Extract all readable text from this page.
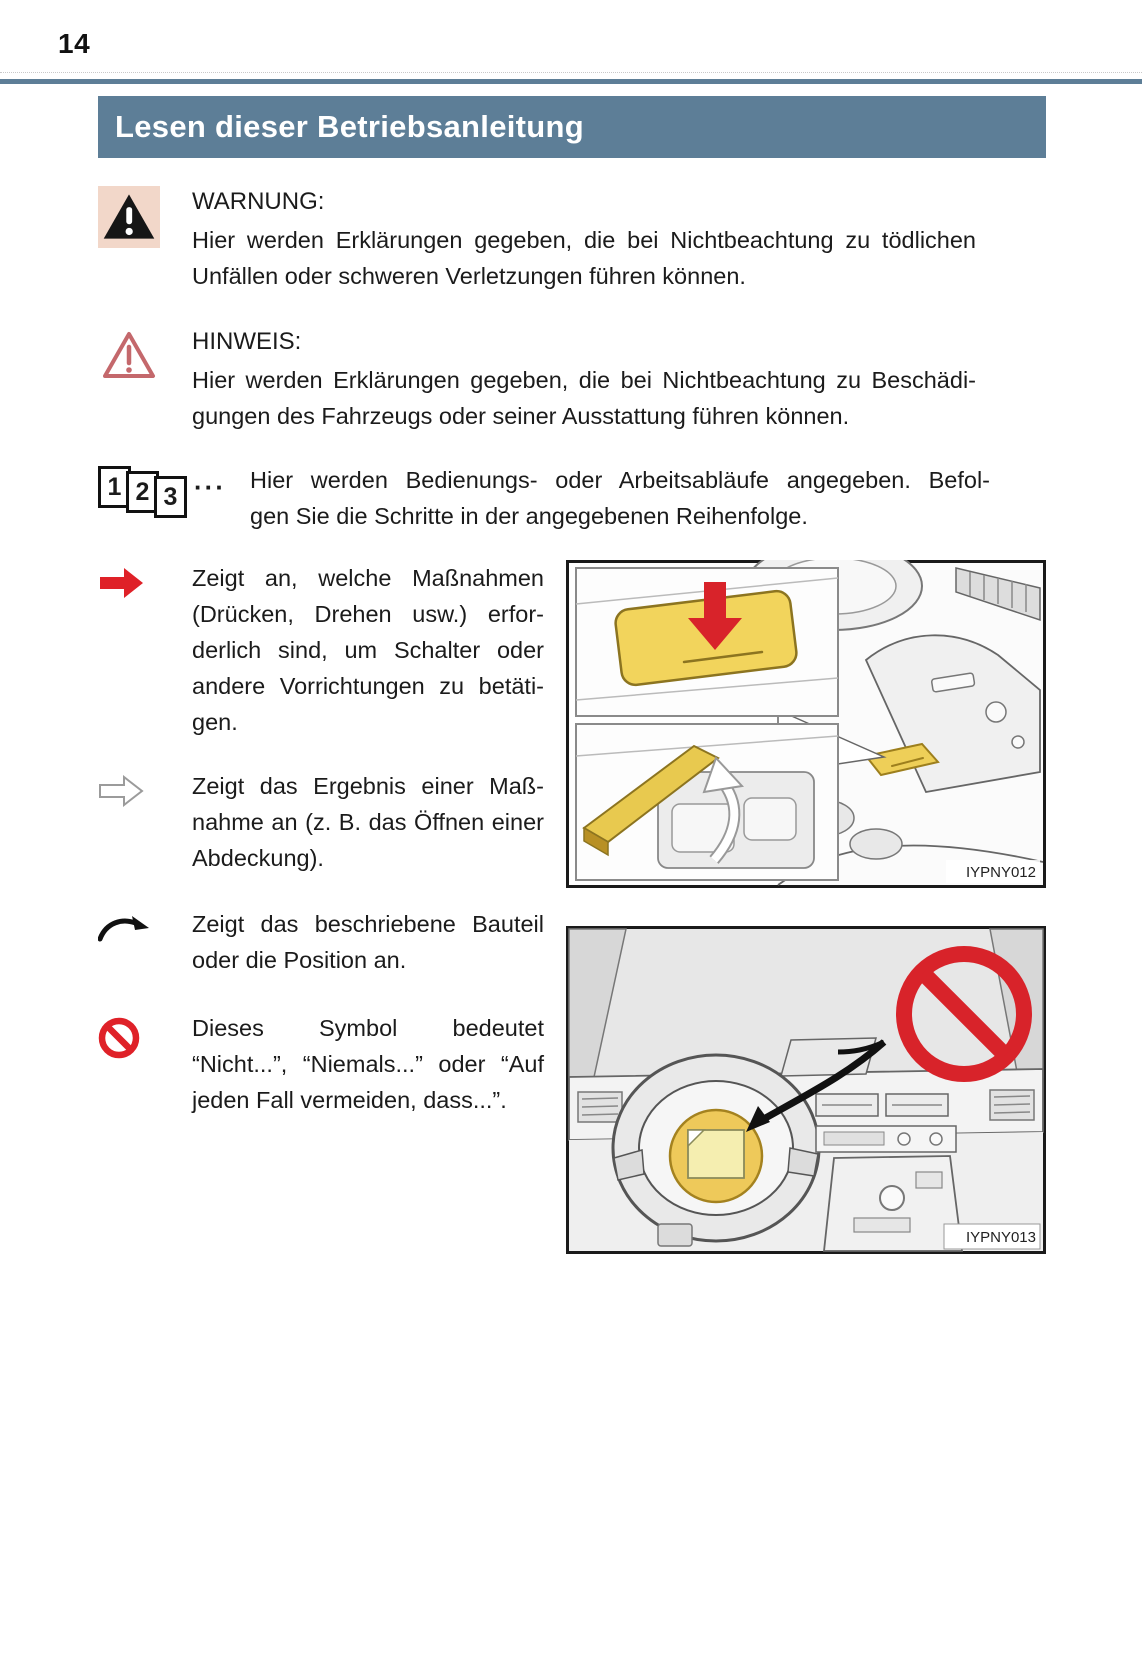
14
Lesen dieser Betriebsanleitung
WARNUNG:
Hier werden Erklärungen gegeben, die bei Nichtbeachtung zu tödlichen
Unfällen oder schweren Verletzungen führen können.
HINWEIS:
Hier werden Erklärungen gegeben, die bei Nichtbeachtung zu Beschädi-
gungen des Fahrzeugs oder seiner Ausstattung führen können.
1 2 3 ··· Hier werden Bedienungs- oder Arbeitsabläufe angegeben. Befol-
gen Sie die Schritte in der angegebenen Reihenfolge.
Zeigt an, welche Maßnahmen
(Drücken, Drehen usw.) erfor-
derlich sind, um Schalter oder
andere Vorrichtungen zu betäti-
gen.
Zeigt das Ergebnis einer Maß-
nahme an (z. B. das Öffnen einer
Abdeckung).
Zeigt das beschriebene Bauteil
oder die Position an.
Dieses Symbol bedeutet
“Nicht...”, “Niemals...” oder “Auf
jeden Fall vermeiden, dass...”.
IYPNY012

IYPNY013
